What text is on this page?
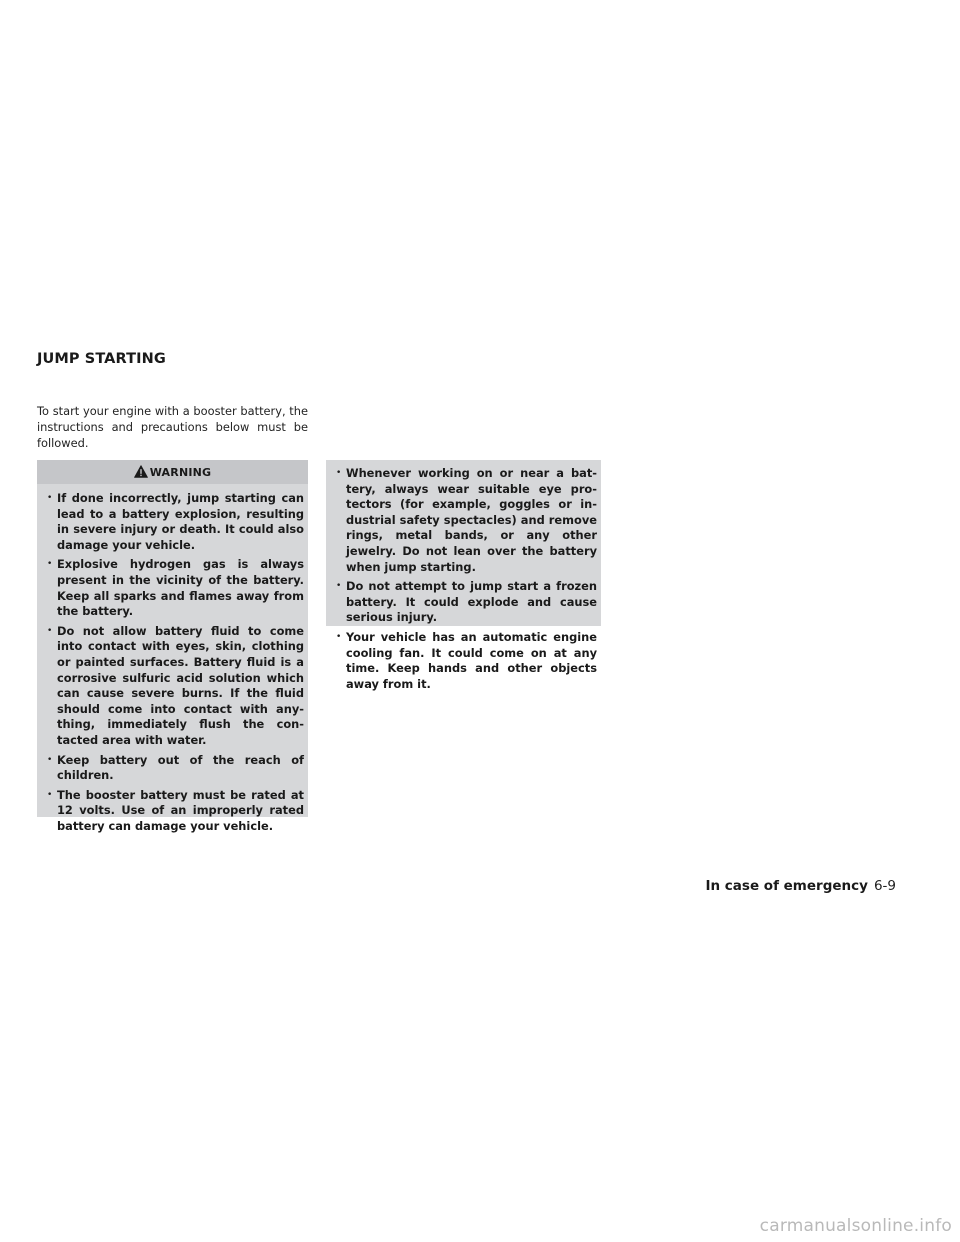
JUMP STARTING

To start your engine with a booster battery, the instructions and precautions below must be followed.

WARNING
• If done incorrectly, jump starting can lead to a battery explosion, resulting in severe injury or death. It could also damage your vehicle.
• Explosive hydrogen gas is always present in the vicinity of the battery. Keep all sparks and flames away from the battery.
• Do not allow battery fluid to come into contact with eyes, skin, clothing or painted surfaces. Battery fluid is a corrosive sulfuric acid solution which can cause severe burns. If the fluid should come into contact with any-thing, immediately flush the con-tacted area with water.
• Keep battery out of the reach of children.
• The booster battery must be rated at 12 volts. Use of an improperly rated battery can damage your vehicle.
• Whenever working on or near a bat-tery, always wear suitable eye pro-tectors (for example, goggles or in-dustrial safety spectacles) and remove rings, metal bands, or any other jewelry. Do not lean over the battery when jump starting.
• Do not attempt to jump start a frozen battery. It could explode and cause serious injury.
• Your vehicle has an automatic engine cooling fan. It could come on at any time. Keep hands and other objects away from it.
In case of emergency 6-9
carmanualsonline.info
